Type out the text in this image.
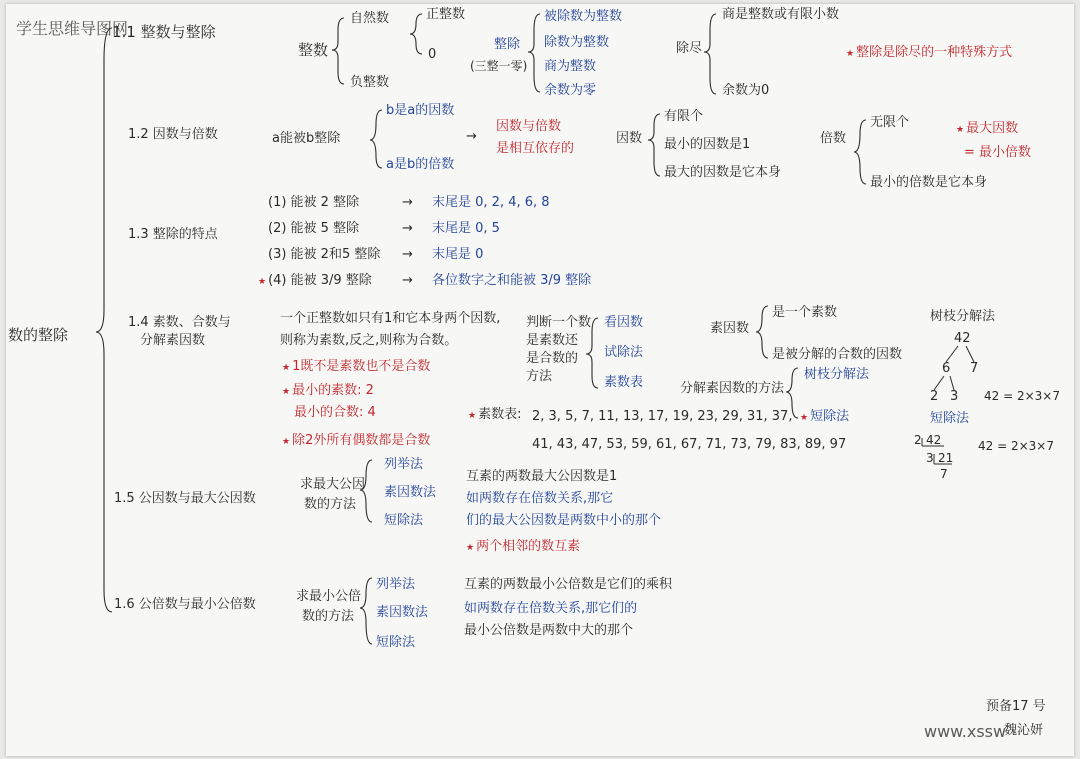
学生思维导图网
数的整除
1.1 整数与整除
整数
自然数	正整数
0
负整数
整除
(三整一零)
被除数为整数
除数为整数
商为整数
余数为零
除尽
商是整数或有限小数
余数为0
★ 整除是除尽的一种特殊方式
1.2 因数与倍数	a能被b整除
b是a的因数
a是b的倍数
→
因数与倍数
是相互依存的
因数
有限个
最小的因数是1
最大的因数是它本身
倍数
无限个
最小的倍数是它本身
★ 最大因数
= 最小倍数
1.3 整除的特点
(1) 能被 2 整除	→ 末尾是 0, 2, 4, 6, 8
(2) 能被 5 整除	→ 末尾是 0, 5
(3) 能被 2和5 整除 → 末尾是 0
★ (4) 能被 3/9 整除 → 各位数字之和能被 3/9 整除
1.4 素数、合数与
分解素因数
一个正整数如只有1和它本身两个因数,
则称为素数,反之,则称为合数。
★ 1既不是素数也不是合数
★ 最小的素数: 2
最小的合数: 4
★ 除2外所有偶数都是合数
判断一个数
是素数还
是合数的
方法
看因数
试除法
素数表
★ 素数表: 2, 3, 5, 7, 11, 13, 17, 19, 23, 29, 31, 37,
41, 43, 47, 53, 59, 61, 67, 71, 73, 79, 83, 89, 97
素因数
是一个素数
是被分解的合数的因数
分解素因数的方法
树枝分解法
★ 短除法
树枝分解法
42
6 7
2 3 42 = 2×3×7
短除法
2 42
3 21
7
42 = 2×3×7
1.5 公因数与最大公因数
求最大公因
数的方法
列举法
素因数法
短除法
互素的两数最大公因数是1
如两数存在倍数关系,那它
们的最大公因数是两数中小的那个
★ 两个相邻的数互素
1.6 公倍数与最小公倍数
求最小公倍
数的方法
列举法
素因数法
短除法
互素的两数最小公倍数是它们的乘积
如两数存在倍数关系,那它们的
最小公倍数是两数中大的那个
预备17 号
魏沁妍
www.xssw
